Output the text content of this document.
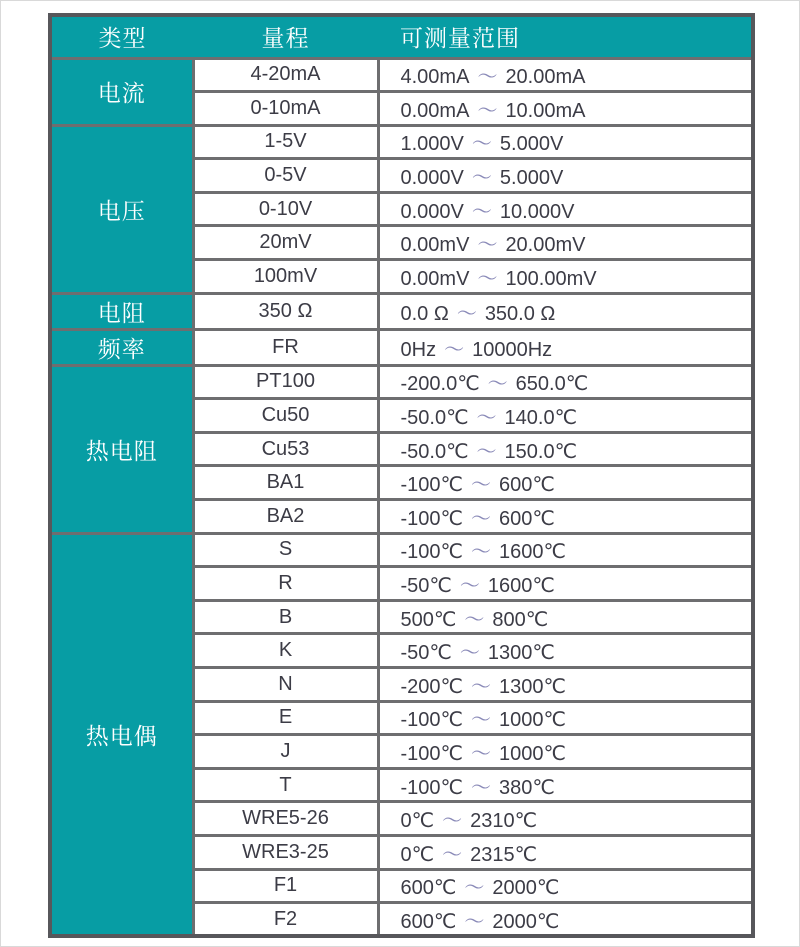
类型	量程	可测量范围
电流	4-20mA	4.00mA ～ 20.00mA
	0-10mA	0.00mA ～ 10.00mA
电压	1-5V	1.000V ～ 5.000V
	0-5V	0.000V ～ 5.000V
	0-10V	0.000V ～ 10.000V
	20mV	0.00mV ～ 20.00mV
	100mV	0.00mV ～ 100.00mV
电阻	350 Ω	0.0 Ω ～ 350.0 Ω
频率	FR	0Hz ～ 10000Hz
热电阻	PT100	-200.0℃ ～ 650.0℃
	Cu50	-50.0℃ ～ 140.0℃
	Cu53	-50.0℃ ～ 150.0℃
	BA1	-100℃ ～ 600℃
	BA2	-100℃ ～ 600℃
热电偶	S	-100℃ ～ 1600℃
	R	-50℃ ～ 1600℃
	B	500℃ ～ 800℃
	K	-50℃ ～ 1300℃
	N	-200℃ ～ 1300℃
	E	-100℃ ～ 1000℃
	J	-100℃ ～ 1000℃
	T	-100℃ ～ 380℃
	WRE5-26	0℃ ～ 2310℃
	WRE3-25	0℃ ～ 2315℃
	F1	600℃ ～ 2000℃
	F2	600℃ ～ 2000℃
